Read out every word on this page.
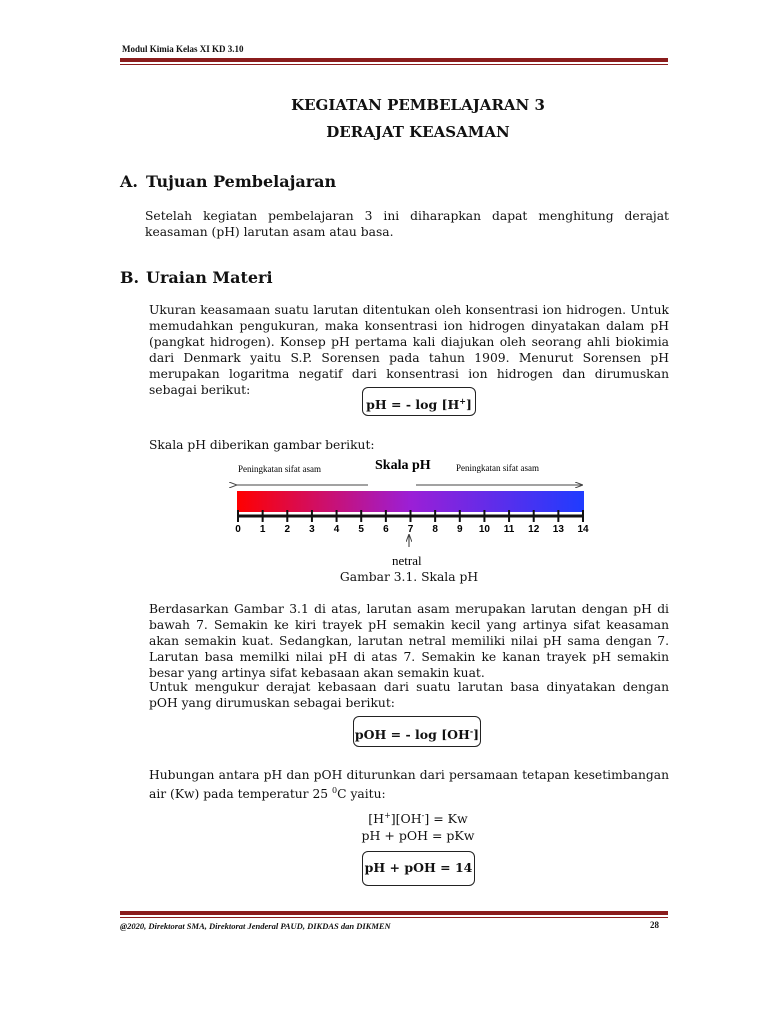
Modul Kimia Kelas XI KD 3.10
KEGIATAN PEMBELAJARAN 3
DERAJAT KEASAMAN
A. Tujuan Pembelajaran
Setelah kegiatan pembelajaran 3 ini diharapkan dapat menghitung derajat keasaman (pH) larutan asam atau basa.
B. Uraian Materi
Ukuran keasamaan suatu larutan ditentukan oleh konsentrasi ion hidrogen. Untuk memudahkan pengukuran, maka konsentrasi ion hidrogen dinyatakan dalam pH (pangkat hidrogen). Konsep pH pertama kali diajukan oleh seorang ahli biokimia dari Denmark yaitu S.P. Sorensen pada tahun 1909. Menurut Sorensen pH merupakan logaritma negatif dari konsentrasi ion hidrogen dan dirumuskan sebagai berikut:
pH = - log [H+]
Skala pH diberikan gambar berikut:
Peningkatan sifat asam	Skala pH	Peningkatan sifat asam
0 1 2 3 4 5 6 7 8 9 10 11 12 13 14
netral
Gambar 3.1. Skala pH
Berdasarkan Gambar 3.1 di atas, larutan asam merupakan larutan dengan pH di bawah 7. Semakin ke kiri trayek pH semakin kecil yang artinya sifat keasaman akan semakin kuat. Sedangkan, larutan netral memiliki nilai pH sama dengan 7. Larutan basa memilki nilai pH di atas 7. Semakin ke kanan trayek pH semakin besar yang artinya sifat kebasaan akan semakin kuat.
Untuk mengukur derajat kebasaan dari suatu larutan basa dinyatakan dengan pOH yang dirumuskan sebagai berikut:
pOH = - log [OH-]
Hubungan antara pH dan pOH diturunkan dari persamaan tetapan kesetimbangan air (Kw) pada temperatur 25 $^0$C yaitu:
[H+][OH-] = Kw
pH + pOH = pKw
pH + pOH = 14
@2020, Direktorat SMA, Direktorat Jenderal PAUD, DIKDAS dan DIKMEN	28
